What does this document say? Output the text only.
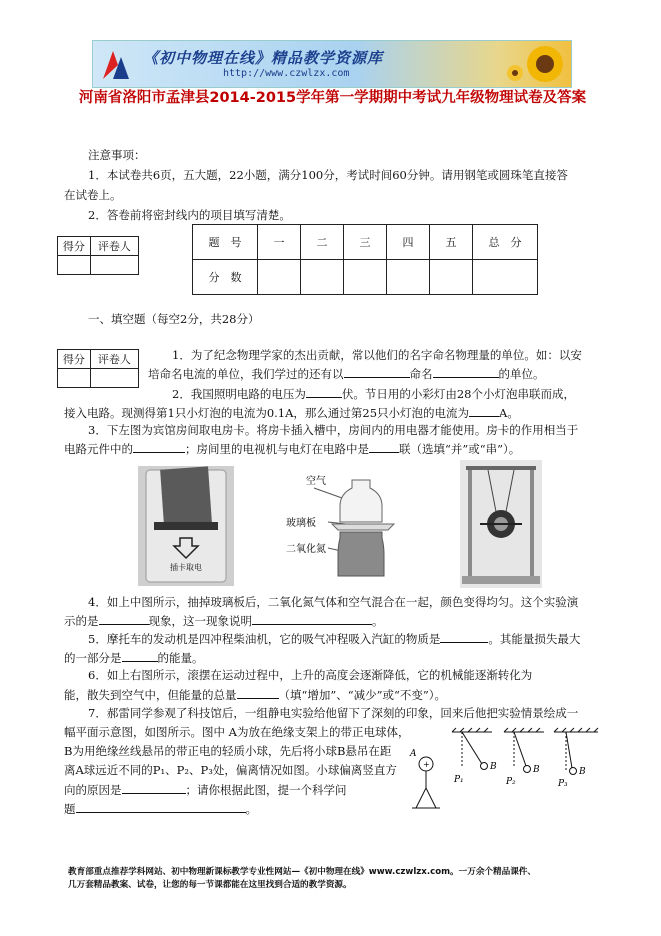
《初中物理在线》精品教学资源库
http://www.czwlzx.com
河南省洛阳市孟津县2014-2015学年第一学期期中考试九年级物理试卷及答案
注意事项：
1．本试卷共6页，五大题，22小题，满分100分，考试时间60分钟。请用钢笔或圆珠笔直接答
在试卷上。
2．答卷前将密封线内的项目填写清楚。
得分	评卷人
		题　号	一	二	三	四	五	总　分
分　数						
一、填空题（每空2分，共28分）
得分	评卷人
		1．为了纪念物理学家的杰出贡献，常以他们的名字命名物理量的单位。如：以安
培命名电流的单位，我们学过的还有以	命名	的单位。
2．我国照明电路的电压为	伏。节日用的小彩灯由28个小灯泡串联而成，
接入电路。现测得第1只小灯泡的电流为0.1A，那么通过第25只小灯泡的电流为	A。
3．下左图为宾馆房间取电房卡。将房卡插入槽中，房间内的用电器才能使用。房卡的作用相当于
电路元件中的	；房间里的电视机与电灯在电路中是	联（选填“并”或“串”）。
插卡取电
空气
玻璃板
二氧化氮
4．如上中图所示，抽掉玻璃板后，二氧化氮气体和空气混合在一起，颜色变得均匀。这个实验演
示的是	现象，这一现象说明	。
5．摩托车的发动机是四冲程柴油机，它的吸气冲程吸入汽缸的物质是	。其能量损失最大
的一部分是	的能量。
6．如上右图所示，滚摆在运动过程中，上升的高度会逐渐降低，它的机械能逐渐转化为
能，散失到空气中，但能量的总量	（填“增加”、“减少”或“不变”）。
7．郝雷同学参观了科技馆后，一组静电实验给他留下了深刻的印象，回来后他把实验情景绘成一
幅平面示意图，如图所示。图中 A为放在绝缘支架上的带正电球体，
B为用绝缘丝线悬吊的带正电的轻质小球，先后将小球B悬吊在距
离A球远近不同的P₁、P₂、P₃处，偏离情况如图。小球偏离竖直方
向的原因是	；请你根据此图，提一个科学问
题	。
+
A
B
P₁
B
P₂
B
P₃
教育部重点推荐学科网站、初中物理新课标教学专业性网站—《初中物理在线》www.czwlzx.com。一万余个精品课件、
几万套精品教案、试卷，让您的每一节课都能在这里找到合适的教学资源。
